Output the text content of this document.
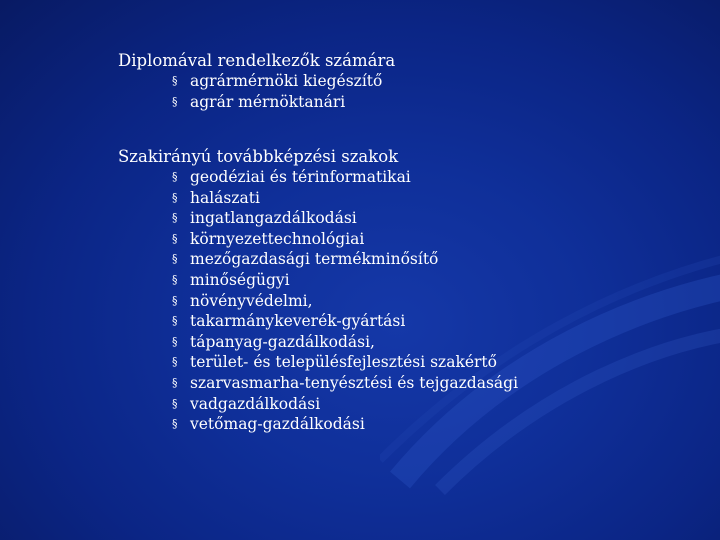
Diplomával rendelkezők számára
§ agrármérnöki kiegészítő
§ agrár mérnöktanári
Szakirányú továbbképzési szakok
§ geodéziai és térinformatikai
§ halászati
§ ingatlangazdálkodási
§ környezettechnológiai
§ mezőgazdasági termékminősítő
§ minőségügyi
§ növényvédelmi,
§ takarmánykeverék-gyártási
§ tápanyag-gazdálkodási,
§ terület- és településfejlesztési szakértő
§ szarvasmarha-tenyésztési és tejgazdasági
§ vadgazdálkodási
§ vetőmag-gazdálkodási
